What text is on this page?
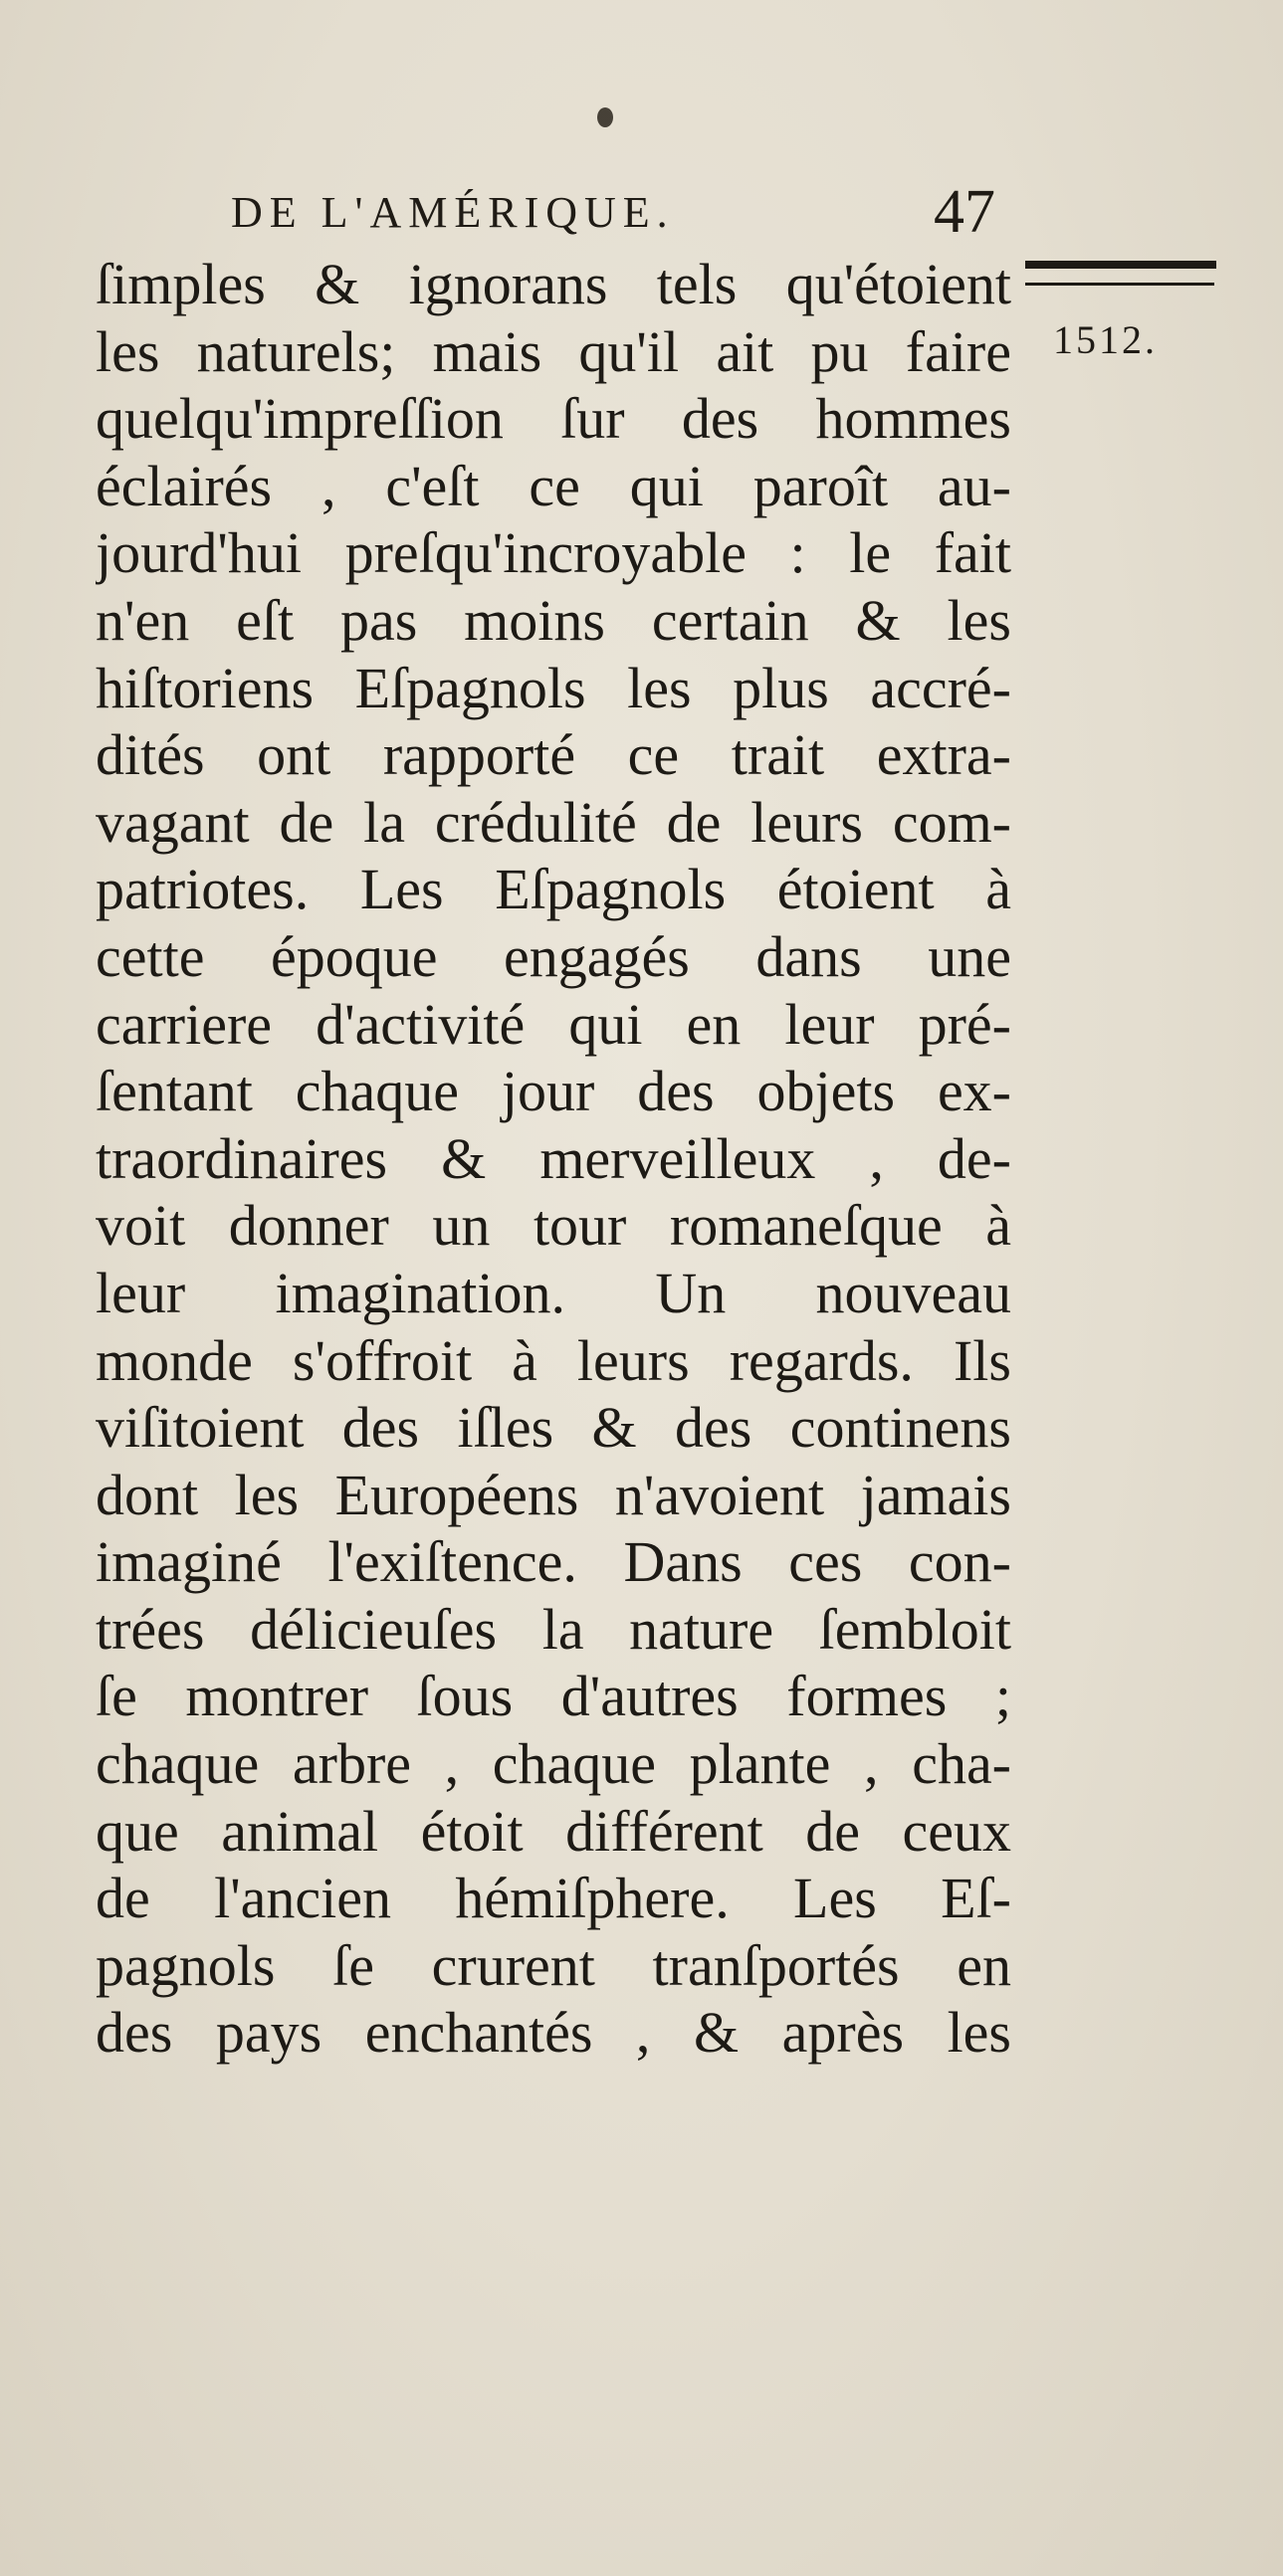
DE L'AMÉRIQUE.	47
1512.
ſimples & ignorans tels qu'étoient
les naturels; mais qu'il ait pu faire
quelqu'impreſſion ſur des hommes
éclairés , c'eſt ce qui paroît au-
jourd'hui preſqu'incroyable : le fait
n'en eſt pas moins certain & les
hiſtoriens Eſpagnols les plus accré-
dités ont rapporté ce trait extra-
vagant de la crédulité de leurs com-
patriotes. Les Eſpagnols étoient à
cette époque engagés dans une
carriere d'activité qui en leur pré-
ſentant chaque jour des objets ex-
traordinaires & merveilleux , de-
voit donner un tour romaneſque à
leur imagination. Un nouveau
monde s'offroit à leurs regards. Ils
viſitoient des iſles & des continens
dont les Européens n'avoient jamais
imaginé l'exiſtence. Dans ces con-
trées délicieuſes la nature ſembloit
ſe montrer ſous d'autres formes ;
chaque arbre , chaque plante , cha-
que animal étoit différent de ceux
de l'ancien hémiſphere. Les Eſ-
pagnols ſe crurent tranſportés en
des pays enchantés , & après les
